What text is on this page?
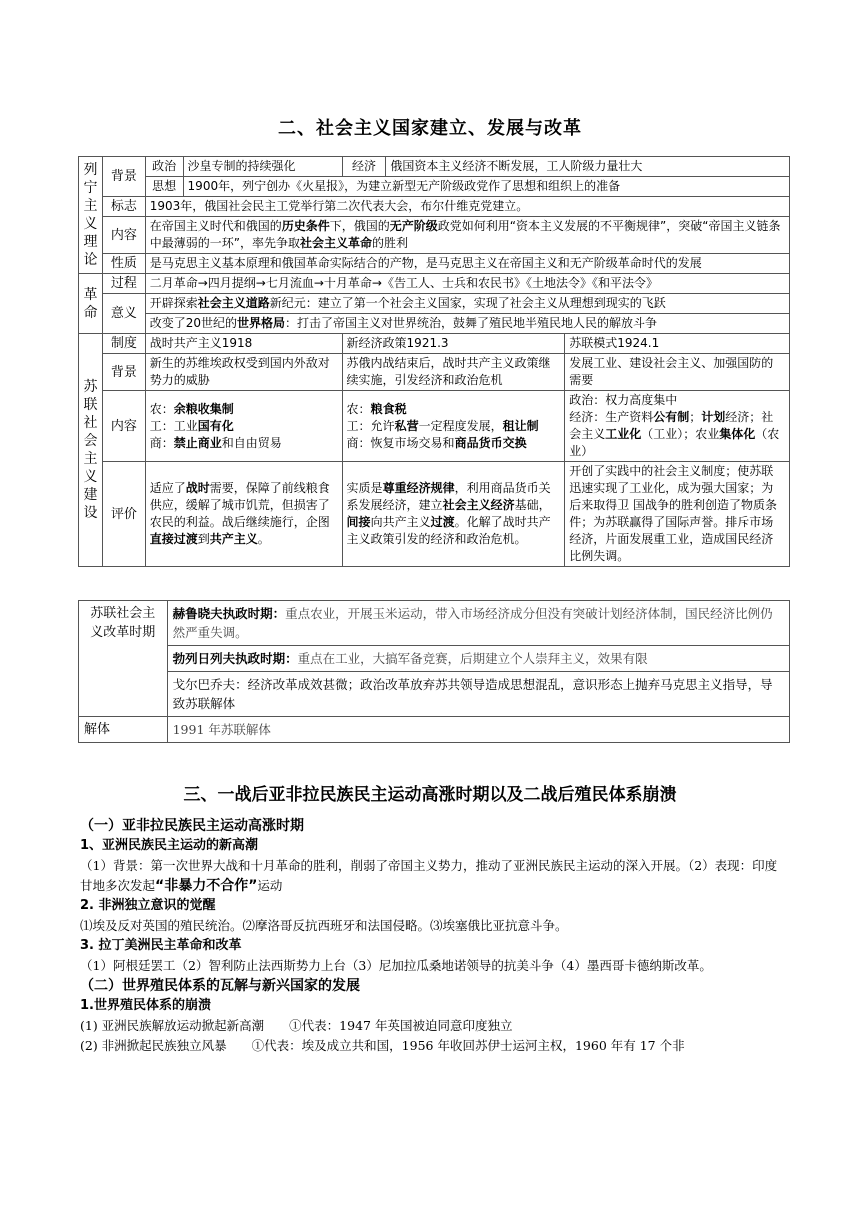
二、社会主义国家建立、发展与改革
列宁主义理论	背景	政治	沙皇专制的持续强化	经济	俄国资本主义经济不断发展，工人阶级力量壮大	
		思想	1900年，列宁创办《火星报》，为建立新型无产阶级政党作了思想和组织上的准备			
	标志	1903年，俄国社会民主工党举行第二次代表大会，布尔什维克党建立。				
	内容	在帝国主义时代和俄国的历史条件下，俄国的无产阶级政党如何利用“资本主义发展的不平衡规律”，突破“帝国主义链条中最薄弱的一环”，率先争取社会主义革命的胜利				

	性质	是马克思主义基本原理和俄国革命实际结合的产物，是马克思主义在帝国主义和无产阶级革命时代的发展				
革命	过程	二月革命→四月提纲→七月流血→十月革命→《告工人、士兵和农民书》《土地法令》《和平法令》				
	意义	开辟探索社会主义道路新纪元：建立了第一个社会主义国家，实现了社会主义从理想到现实的飞跃				
		改变了20世纪的世界格局：打击了帝国主义对世界统治，鼓舞了殖民地半殖民地人民的解放斗争				
苏联社会主义建设	制度	战时共产主义1918		新经济政策1921.3		苏联模式1924.1
	背景	新生的苏维埃政权受到国内外敌对势力的威胁		苏俄内战结束后，战时共产主义政策继续实施，引发经济和政治危机		发展工业、建设社会主义、加强国防的需要
	内容	农：余粮收集制
工：工业国有化
商：禁止商业和自由贸易		农：粮食税
工：允许私营一定程度发展，租让制
商：恢复市场交易和商品货币交换		政治：权力高度集中
经济：生产资料公有制；计划经济；社会主义工业化（工业）；农业集体化（农业）
	评价	适应了战时需要，保障了前线粮食供应，缓解了城市饥荒，但损害了农民的利益。战后继续施行，企图直接过渡到共产主义。		实质是尊重经济规律，利用商品货币关系发展经济，建立社会主义经济基础，间接向共产主义过渡。化解了战时共产主义政策引发的经济和政治危机。		开创了实践中的社会主义制度；使苏联迅速实现了工业化，成为强大国家；为后来取得卫 国战争的胜利创造了物质条件；为苏联赢得了国际声誉。排斥市场经济，片面发展重工业，造成国民经济比例失调。
苏联社会主义改革时期	赫鲁晓夫执政时期：重点农业，开展玉米运动，带入市场经济成分但没有突破计划经济体制，国民经济比例仍然严重失调。
	勃列日列夫执政时期：重点在工业，大搞军备竞赛，后期建立个人崇拜主义，效果有限
	戈尔巴乔夫：经济改革成效甚微；政治改革放弃苏共领导造成思想混乱，意识形态上抛弃马克思主义指导，导致苏联解体
解体	1991 年苏联解体
三、一战后亚非拉民族民主运动高涨时期以及二战后殖民体系崩溃

（一）亚非拉民族民主运动高涨时期

1、亚洲民族民主运动的新高潮

（1）背景：第一次世界大战和十月革命的胜利，削弱了帝国主义势力，推动了亚洲民族民主运动的深入开展。（2）表现：印度甘地多次发起“非暴力不合作”运动

2. 非洲独立意识的觉醒

⑴埃及反对英国的殖民统治。⑵摩洛哥反抗西班牙和法国侵略。⑶埃塞俄比亚抗意斗争。

3. 拉丁美洲民主革命和改革

（1）阿根廷罢工（2）智利防止法西斯势力上台（3）尼加拉瓜桑地诺领导的抗美斗争（4）墨西哥卡德纳斯改革。

（二）世界殖民体系的瓦解与新兴国家的发展

1.世界殖民体系的崩溃

(1) 亚洲民族解放运动掀起新高潮　　①代表：1947 年英国被迫同意印度独立

(2) 非洲掀起民族独立风暴　　①代表：埃及成立共和国，1956 年收回苏伊士运河主权，1960 年有 17 个非
